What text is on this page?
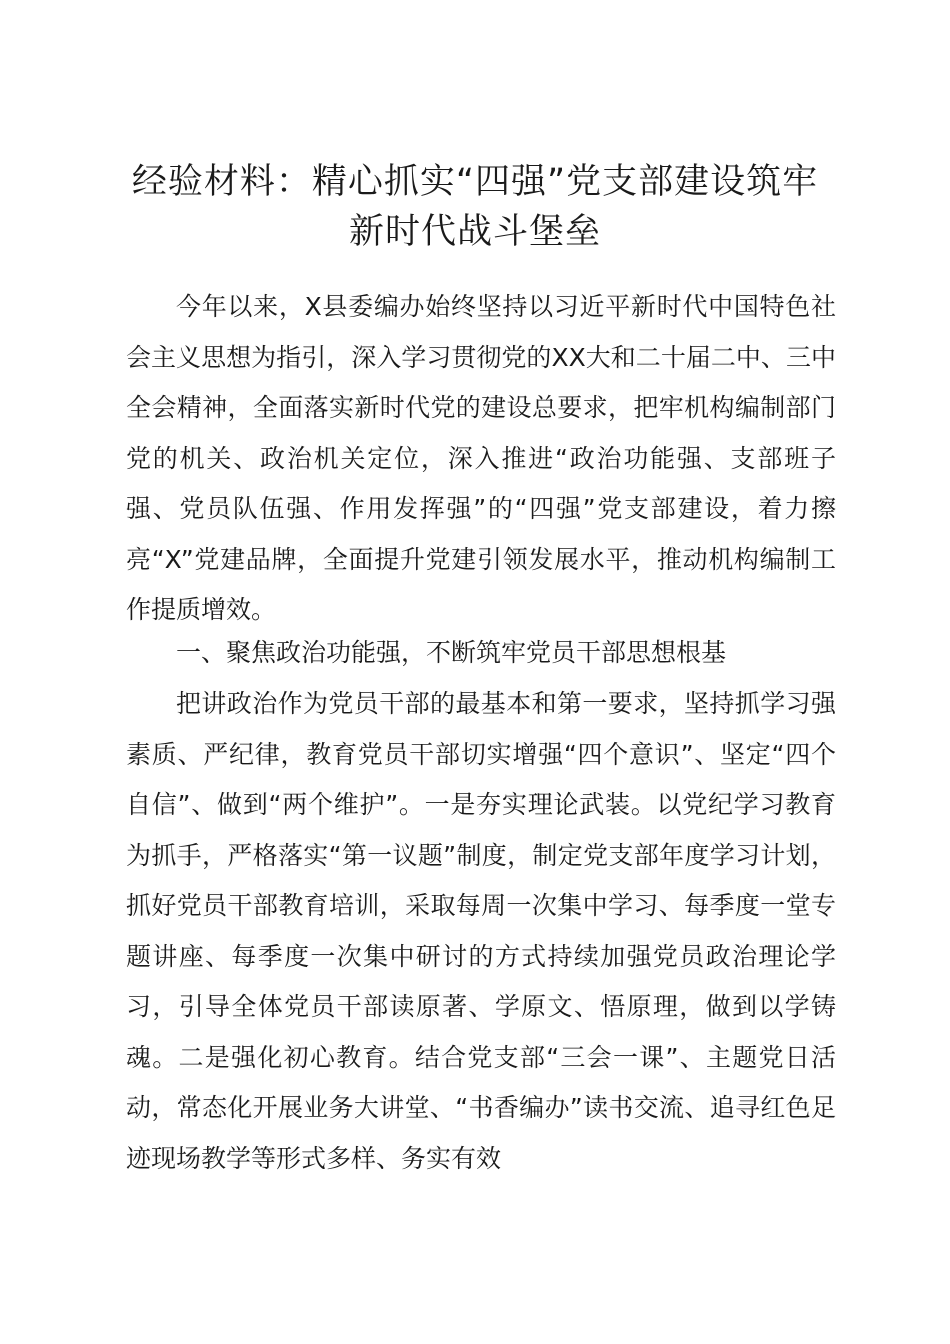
经验材料：精心抓实“四强”党支部建设筑牢
新时代战斗堡垒

今年以来，X县委编办始终坚持以习近平新时代中国特色社会主义思想为指引，深入学习贯彻党的XX大和二十届二中、三中全会精神，全面落实新时代党的建设总要求，把牢机构编制部门党的机关、政治机关定位，深入推进“政治功能强、支部班子强、党员队伍强、作用发挥强”的“四强”党支部建设，着力擦亮“X”党建品牌，全面提升党建引领发展水平，推动机构编制工作提质增效。

一、聚焦政治功能强，不断筑牢党员干部思想根基

把讲政治作为党员干部的最基本和第一要求，坚持抓学习强素质、严纪律，教育党员干部切实增强“四个意识”、坚定“四个自信”、做到“两个维护”。一是夯实理论武装。以党纪学习教育为抓手，严格落实“第一议题”制度，制定党支部年度学习计划，抓好党员干部教育培训，采取每周一次集中学习、每季度一堂专题讲座、每季度一次集中研讨的方式持续加强党员政治理论学习，引导全体党员干部读原著、学原文、悟原理，做到以学铸魂。二是强化初心教育。结合党支部“三会一课”、主题党日活动，常态化开展业务大讲堂、“书香编办”读书交流、追寻红色足迹现场教学等形式多样、务实有效
